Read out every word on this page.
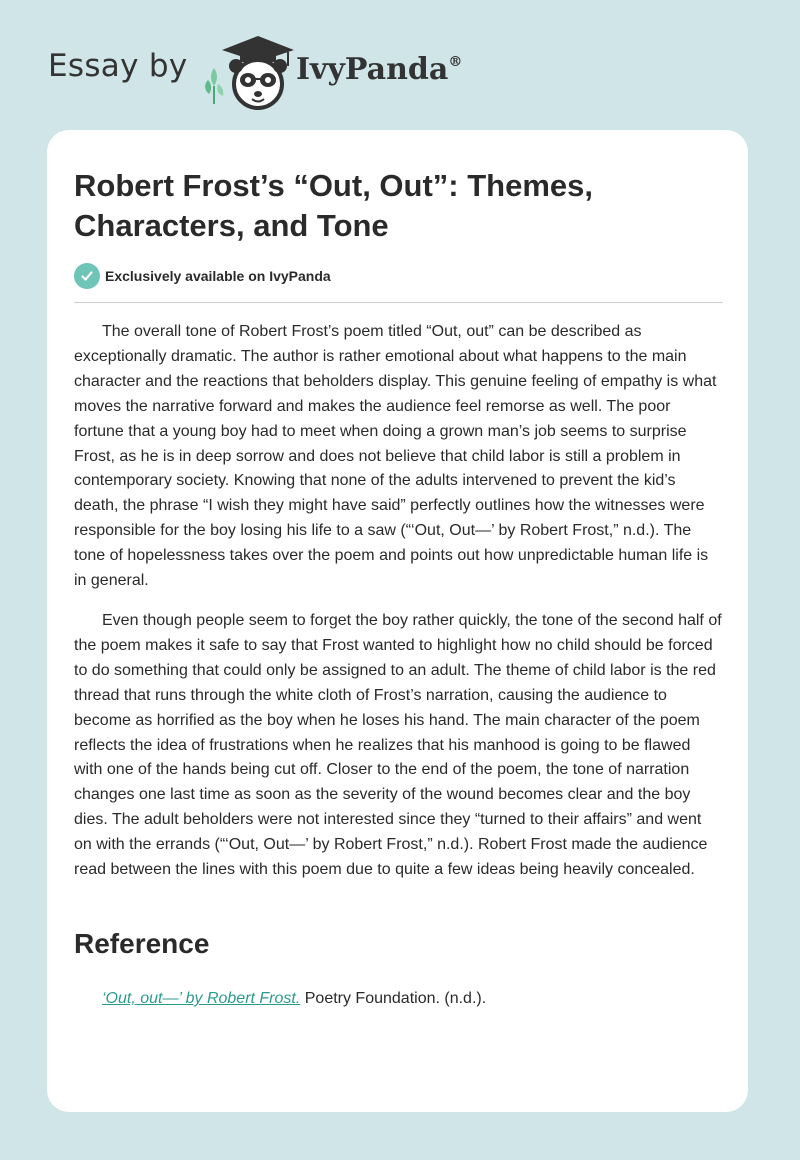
Essay by	IvyPanda®
Robert Frost’s “Out, Out”: Themes, Characters, and Tone
Exclusively available on IvyPanda

The overall tone of Robert Frost’s poem titled “Out, out” can be described as exceptionally dramatic. The author is rather emotional about what happens to the main character and the reactions that beholders display. This genuine feeling of empathy is what moves the narrative forward and makes the audience feel remorse as well. The poor fortune that a young boy had to meet when doing a grown man’s job seems to surprise Frost, as he is in deep sorrow and does not believe that child labor is still a problem in contemporary society. Knowing that none of the adults intervened to prevent the kid’s death, the phrase “I wish they might have said” perfectly outlines how the witnesses were responsible for the boy losing his life to a saw (“‘Out, Out—’ by Robert Frost,” n.d.). The tone of hopelessness takes over the poem and points out how unpredictable human life is in general.

Even though people seem to forget the boy rather quickly, the tone of the second half of the poem makes it safe to say that Frost wanted to highlight how no child should be forced to do something that could only be assigned to an adult. The theme of child labor is the red thread that runs through the white cloth of Frost’s narration, causing the audience to become as horrified as the boy when he loses his hand. The main character of the poem reflects the idea of frustrations when he realizes that his manhood is going to be flawed with one of the hands being cut off. Closer to the end of the poem, the tone of narration changes one last time as soon as the severity of the wound becomes clear and the boy dies. The adult beholders were not interested since they “turned to their affairs” and went on with the errands (“‘Out, Out—’ by Robert Frost,” n.d.). Robert Frost made the audience read between the lines with this poem due to quite a few ideas being heavily concealed.

Reference
‘Out, out—’ by Robert Frost. Poetry Foundation. (n.d.).
